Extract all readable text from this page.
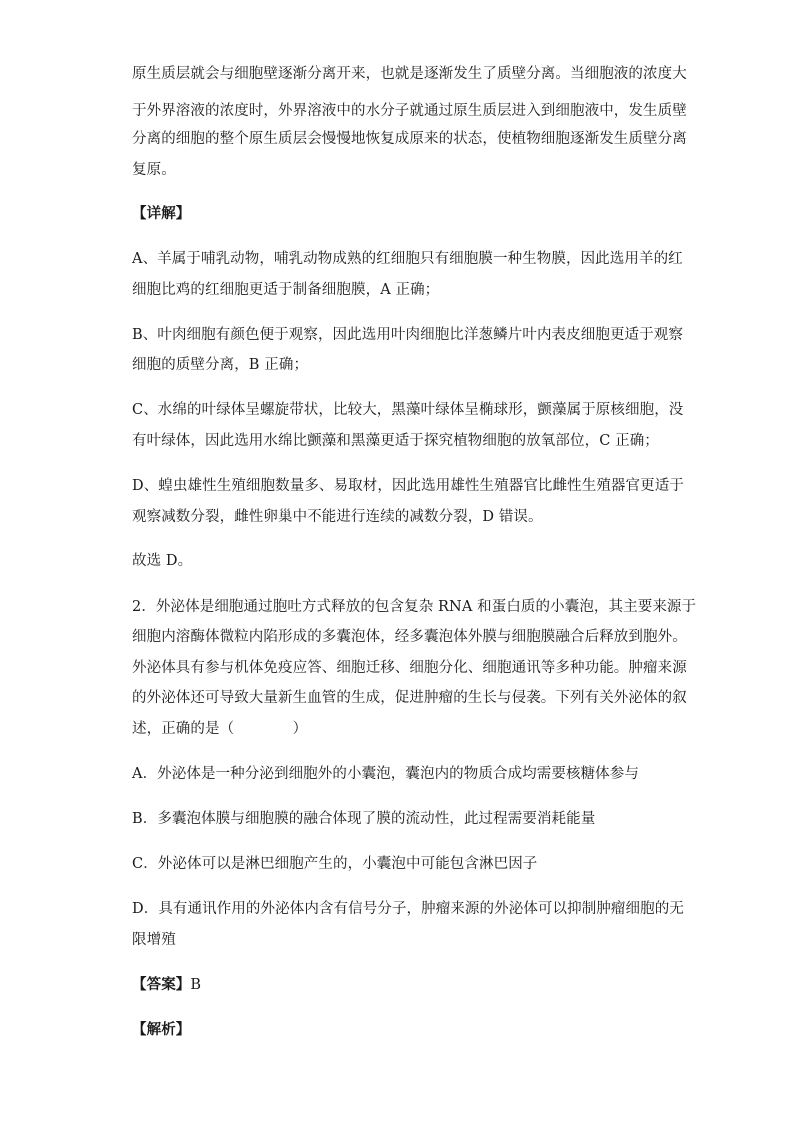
原生质层就会与细胞壁逐渐分离开来，也就是逐渐发生了质壁分离。当细胞液的浓度大
于外界溶液的浓度时，外界溶液中的水分子就通过原生质层进入到细胞液中，发生质壁
分离的细胞的整个原生质层会慢慢地恢复成原来的状态，使植物细胞逐渐发生质壁分离
复原。
【详解】
A、羊属于哺乳动物，哺乳动物成熟的红细胞只有细胞膜一种生物膜，因此选用羊的红
细胞比鸡的红细胞更适于制备细胞膜，A 正确；
B、叶肉细胞有颜色便于观察，因此选用叶肉细胞比洋葱鳞片叶内表皮细胞更适于观察
细胞的质壁分离，B 正确；
C、水绵的叶绿体呈螺旋带状，比较大，黑藻叶绿体呈椭球形，颤藻属于原核细胞，没
有叶绿体，因此选用水绵比颤藻和黑藻更适于探究植物细胞的放氧部位，C 正确；
D、蝗虫雄性生殖细胞数量多、易取材，因此选用雄性生殖器官比雌性生殖器官更适于
观察减数分裂，雌性卵巢中不能进行连续的减数分裂，D 错误。
故选 D。
2．外泌体是细胞通过胞吐方式释放的包含复杂 RNA 和蛋白质的小囊泡，其主要来源于
细胞内溶酶体微粒内陷形成的多囊泡体，经多囊泡体外膜与细胞膜融合后释放到胞外。
外泌体具有参与机体免疫应答、细胞迁移、细胞分化、细胞通讯等多种功能。肿瘤来源
的外泌体还可导致大量新生血管的生成，促进肿瘤的生长与侵袭。下列有关外泌体的叙
述，正确的是（　　　　）
A．外泌体是一种分泌到细胞外的小囊泡，囊泡内的物质合成均需要核糖体参与
B．多囊泡体膜与细胞膜的融合体现了膜的流动性，此过程需要消耗能量
C．外泌体可以是淋巴细胞产生的，小囊泡中可能包含淋巴因子
D．具有通讯作用的外泌体内含有信号分子，肿瘤来源的外泌体可以抑制肿瘤细胞的无
限增殖
【答案】B
【解析】
